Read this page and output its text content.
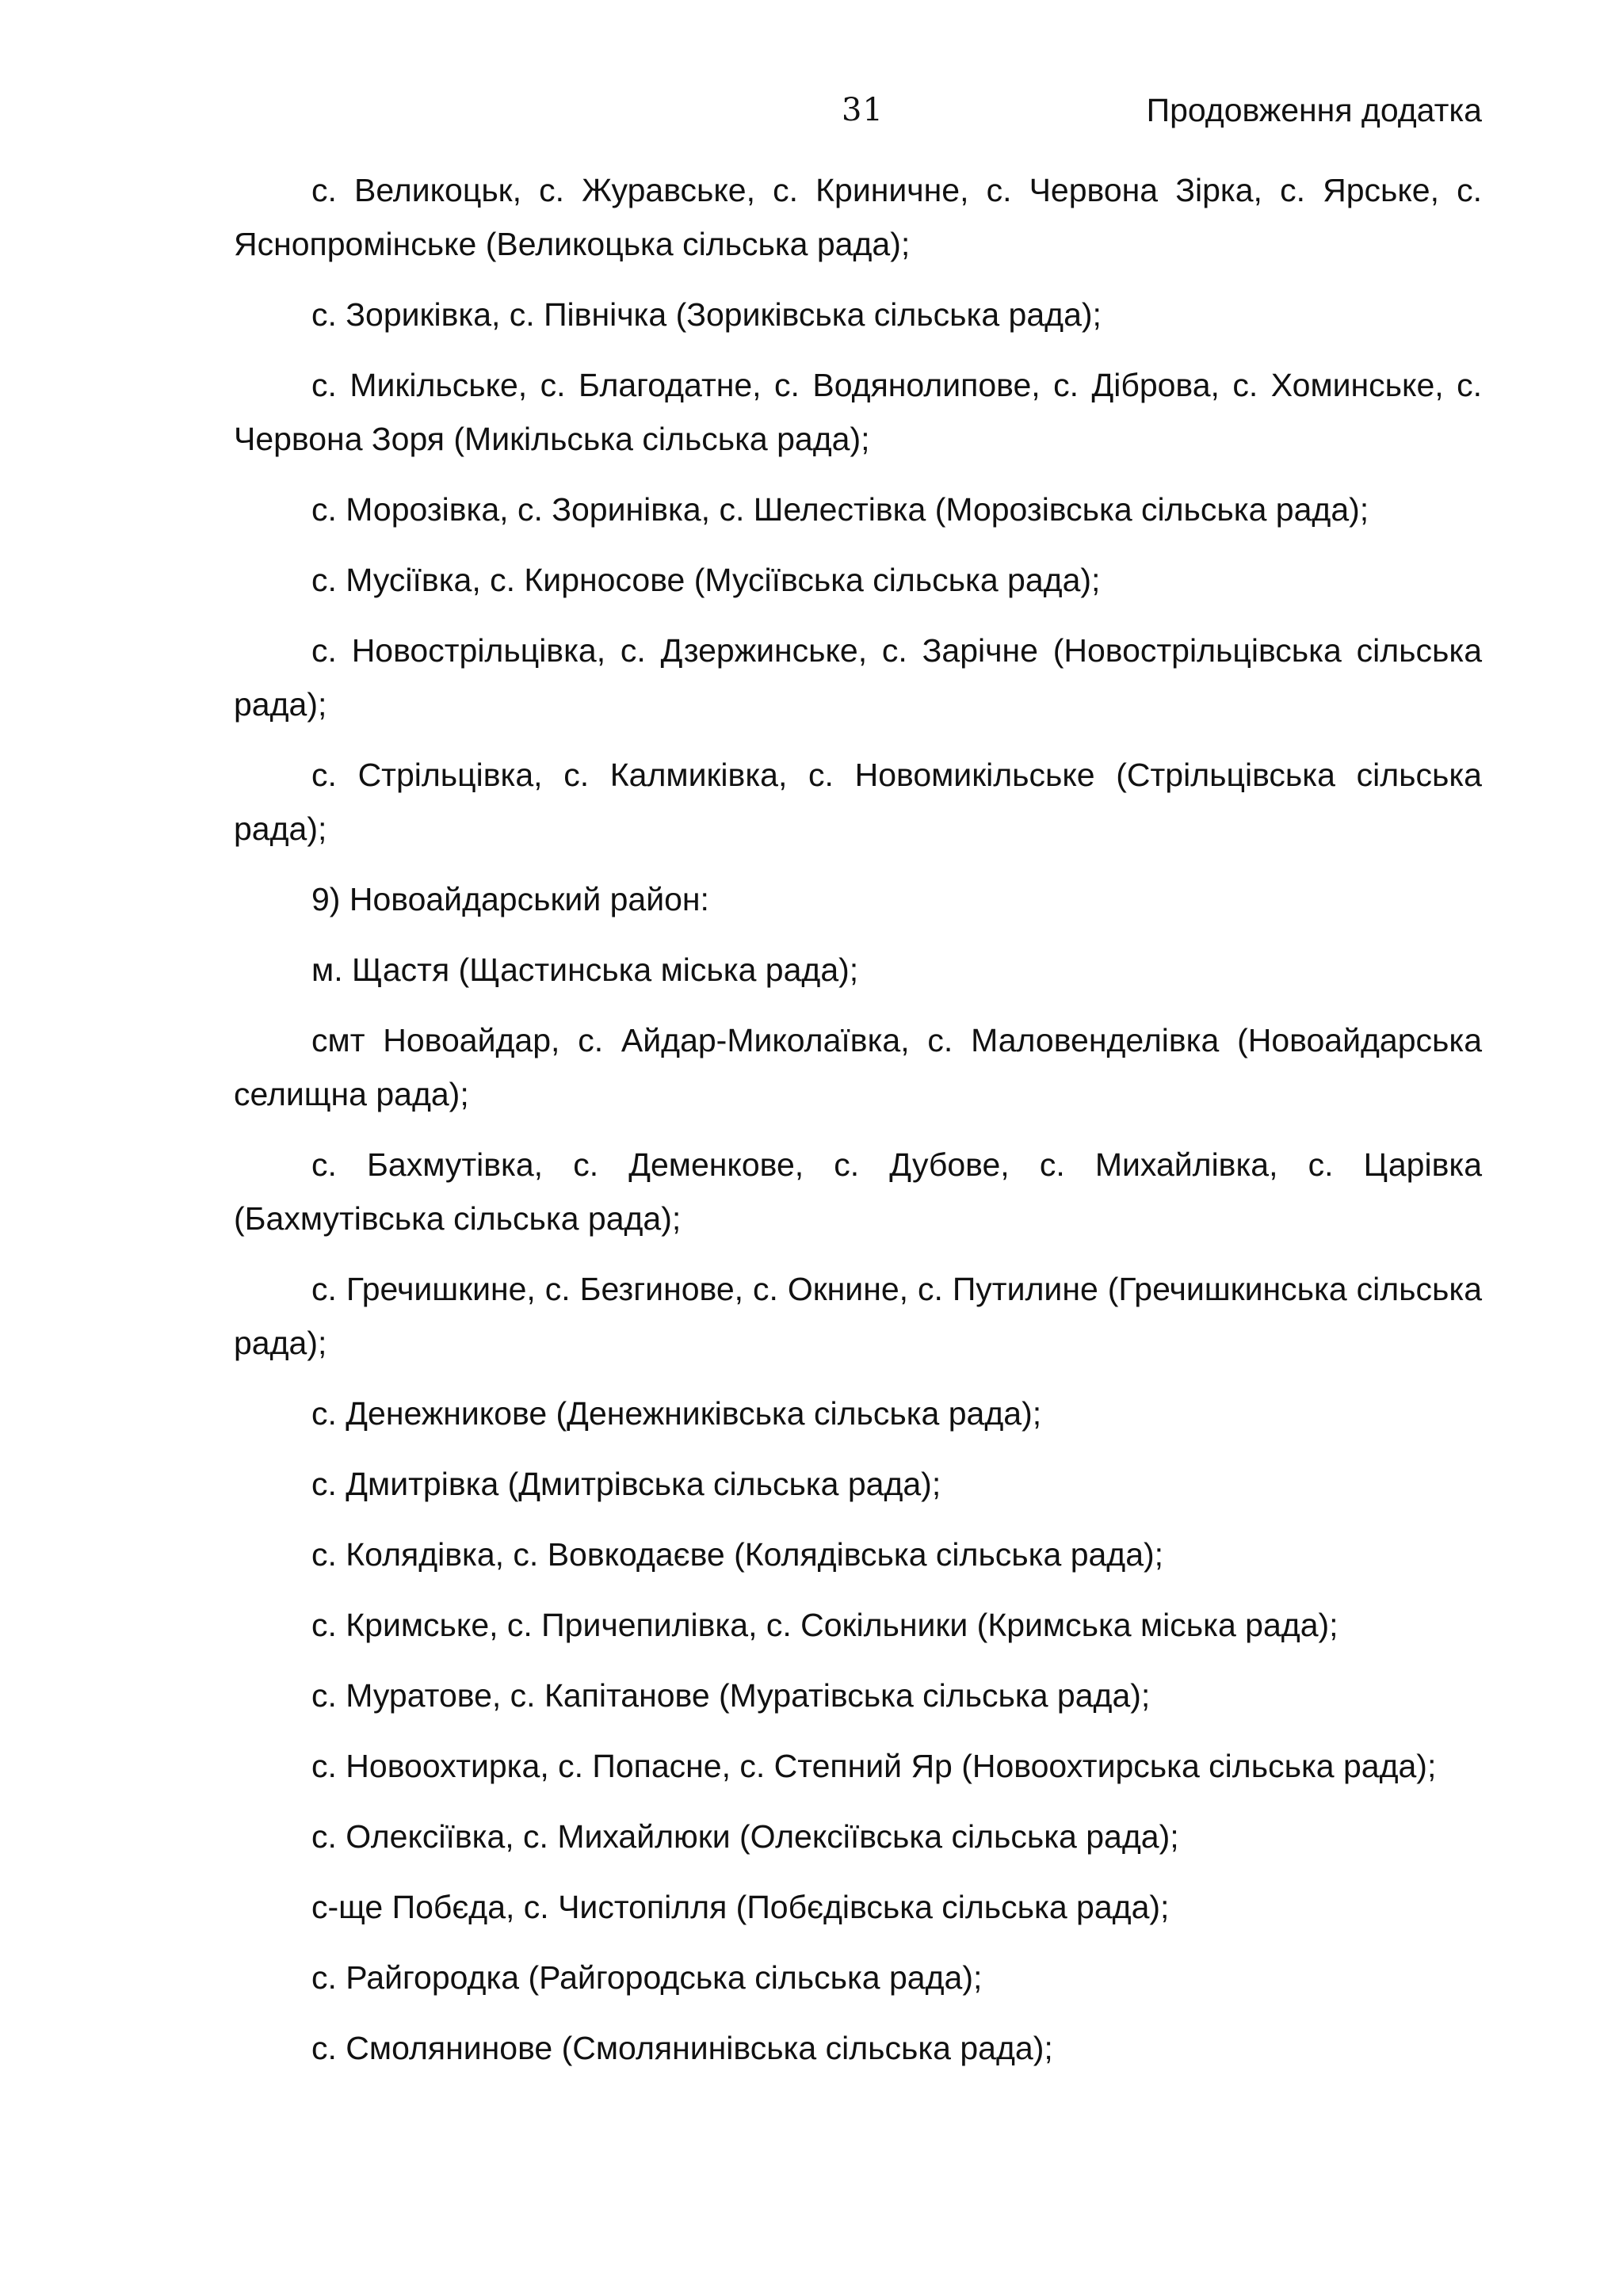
31	Продовження додатка

с. Великоцьк, с. Журавське, с. Криничне, с. Червона Зірка, с. Ярське, с. Яснопромінське (Великоцька сільська рада);

с. Зориківка, с. Північка (Зориківська сільська рада);

с. Микільське, с. Благодатне, с. Водянолипове, с. Діброва, с. Хоминське, с. Червона Зоря (Микільська сільська рада);

с. Морозівка, с. Зоринівка, с. Шелестівка (Морозівська сільська рада);

с. Мусіївка, с. Кирносове (Мусіївська сільська рада);

с. Новострільцівка, с. Дзержинське, с. Зарічне (Новострільцівська сільська рада);

с. Стрільцівка, с. Калмиківка, с. Новомикільське (Стрільцівська сільська рада);

9) Новоайдарський район:

м. Щастя (Щастинська міська рада);

смт Новоайдар, с. Айдар-Миколаївка, с. Маловенделівка (Новоайдарська селищна рада);

с. Бахмутівка, с. Деменкове, с. Дубове, с. Михайлівка, с. Царівка (Бахмутівська сільська рада);

с. Гречишкине, с. Безгинове, с. Окнине, с. Путилине (Гречишкинська сільська рада);

с. Денежникове (Денежниківська сільська рада);

с. Дмитрівка (Дмитрівська сільська рада);

с. Колядівка, с. Вовкодаєве (Колядівська сільська рада);

с. Кримське, с. Причепилівка, с. Сокільники (Кримська міська рада);

с. Муратове, с. Капітанове (Муратівська сільська рада);

с. Новоохтирка, с. Попасне, с. Степний Яр (Новоохтирська сільська рада);

с. Олексіївка, с. Михайлюки (Олексіївська сільська рада);

с-ще Побєда, с. Чистопілля (Побєдівська сільська рада);

с. Райгородка (Райгородська сільська рада);

с. Смолянинове (Смолянинівська сільська рада);
